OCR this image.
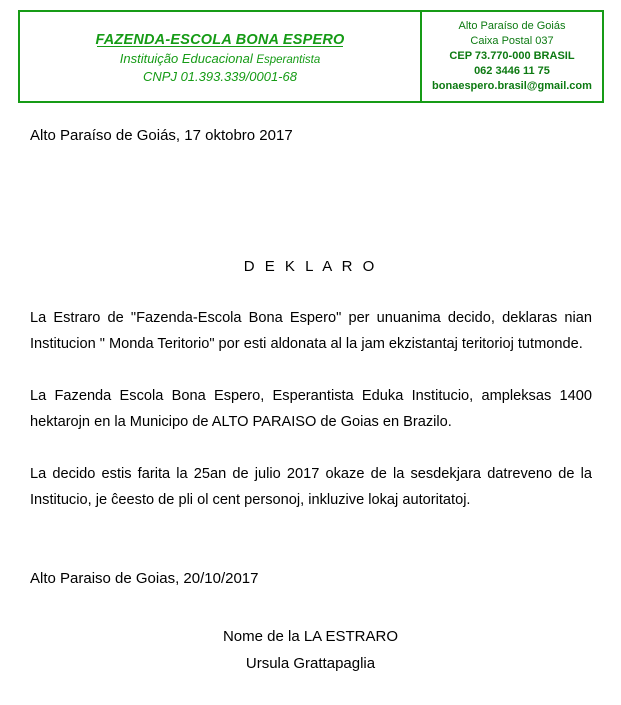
FAZENDA-ESCOLA BONA ESPERO
Instituição Educacional Esperantista
CNPJ 01.393.339/0001-68
Alto Paraíso de Goiás
Caixa Postal 037
CEP 73.770-000 BRASIL
062 3446 11 75
bonaespero.brasil@gmail.com
Alto Paraíso de Goiás, 17 oktobro 2017
D E K L A R O

La Estraro de "Fazenda-Escola Bona Espero" per unuanima decido, deklaras nian Institucion " Monda Teritorio" por esti aldonata al la jam ekzistantaj teritorioj tutmonde.

La Fazenda Escola Bona Espero, Esperantista Eduka Institucio, ampleksas 1400 hektarojn en la Municipo de ALTO PARAISO de Goias en Brazilo.

La decido estis farita la 25an de julio 2017 okaze de la sesdekjara datreveno de la Institucio, je ĉeesto de pli ol cent personoj, inkluzive lokaj autoritatoj.

Alto Paraiso de Goias, 20/10/2017
Nome de la LA ESTRARO
Ursula Grattapaglia
